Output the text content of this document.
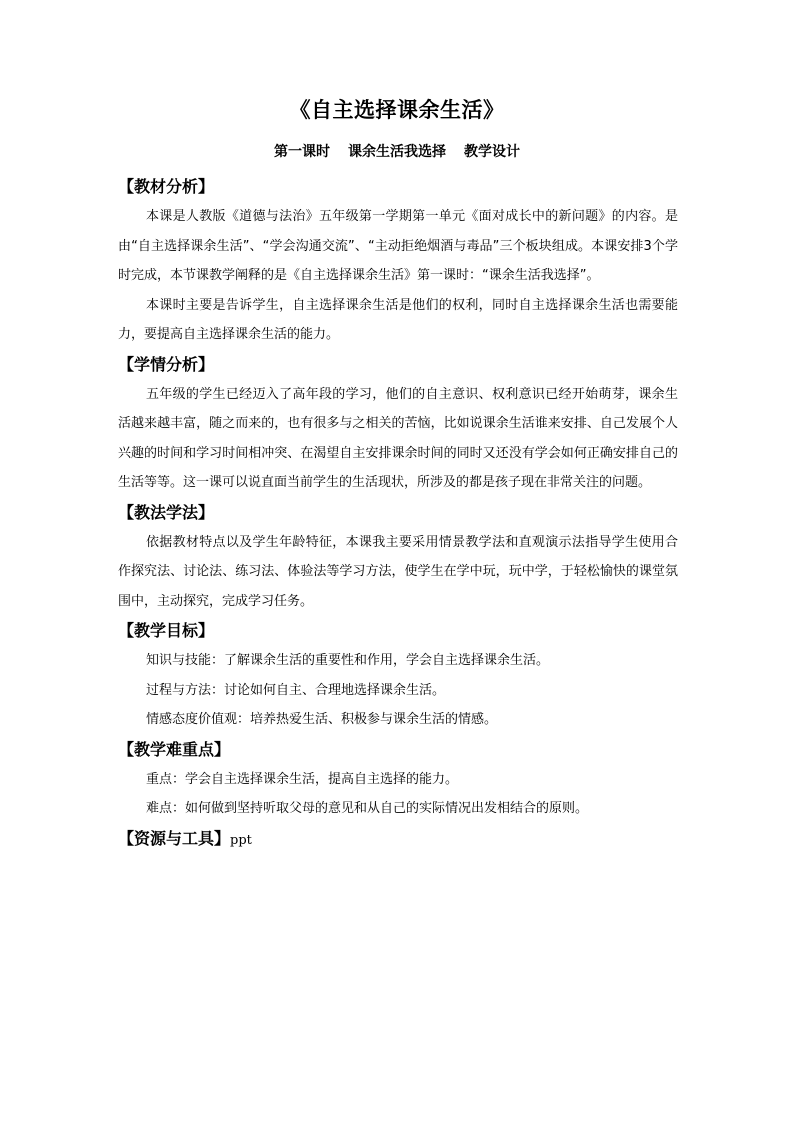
《自主选择课余生活》
第一课时 课余生活我选择 教学设计
【教材分析】

本课是人教版《道德与法治》五年级第一学期第一单元《面对成长中的新问题》的内容。是由“自主选择课余生活”、“学会沟通交流”、“主动拒绝烟酒与毒品”三个板块组成。本课安排3个学时完成，本节课教学阐释的是《自主选择课余生活》第一课时：“课余生活我选择”。

本课时主要是告诉学生，自主选择课余生活是他们的权利，同时自主选择课余生活也需要能力，要提高自主选择课余生活的能力。

【学情分析】

五年级的学生已经迈入了高年段的学习，他们的自主意识、权利意识已经开始萌芽，课余生活越来越丰富，随之而来的，也有很多与之相关的苦恼，比如说课余生活谁来安排、自己发展个人兴趣的时间和学习时间相冲突、在渴望自主安排课余时间的同时又还没有学会如何正确安排自己的生活等等。这一课可以说直面当前学生的生活现状，所涉及的都是孩子现在非常关注的问题。

【教法学法】

依据教材特点以及学生年龄特征，本课我主要采用情景教学法和直观演示法指导学生使用合作探究法、讨论法、练习法、体验法等学习方法，使学生在学中玩，玩中学，于轻松愉快的课堂氛围中，主动探究，完成学习任务。

【教学目标】

知识与技能：了解课余生活的重要性和作用，学会自主选择课余生活。

过程与方法：讨论如何自主、合理地选择课余生活。

情感态度价值观：培养热爱生活、积极参与课余生活的情感。

【教学难重点】

重点：学会自主选择课余生活，提高自主选择的能力。

难点：如何做到坚持听取父母的意见和从自己的实际情况出发相结合的原则。

【资源与工具】ppt
